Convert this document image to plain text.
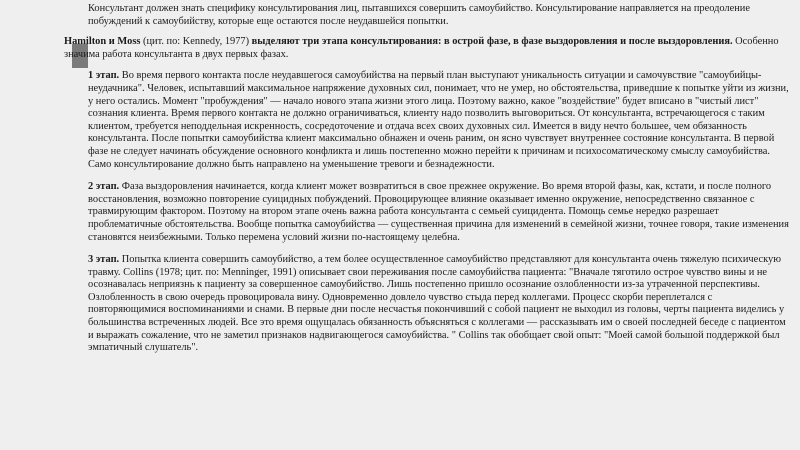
Консультант должен знать специфику консультирования лиц, пытавшихся совершить самоубийство. Консультирование направляется на преодоление побуждений к самоубийству, которые еще остаются после неудавшейся попытки.

Hamilton и Moss (цит. по: Kennedy, 1977) выделяют три этапа консультирования: в острой фазе, в фазе выздоровления и после выздоровления. Особенно значима работа консультанта в двух первых фазах.

1 этап. Во время первого контакта после неудавшегося самоубийства на первый план выступают уникальность ситуации и самочувствие "самоубийцы-неудачника". Человек, испытавший максимальное напряжение духовных сил, понимает, что не умер, но обстоятельства, приведшие к попытке уйти из жизни, у него остались. Момент "пробуждения" — начало нового этапа жизни этого лица. Поэтому важно, какое "воздействие" будет вписано в "чистый лист" сознания клиента. Время первого контакта не должно ограничиваться, клиенту надо позволить выговориться. От консультанта, встречающегося с таким клиентом, требуется неподдельная искренность, сосредоточение и отдача всех своих духовных сил. Имеется в виду нечто большее, чем обязанность консультанта. После попытки самоубийства клиент максимально обнажен и очень раним, он ясно чувствует внутреннее состояние консультанта. В первой фазе не следует начинать обсуждение основного конфликта и лишь постепенно можно перейти к причинам и психосоматическому смыслу самоубийства. Само консультирование должно быть направлено на уменьшение тревоги и безнадежности.

2 этап. Фаза выздоровления начинается, когда клиент может возвратиться в свое прежнее окружение. Во время второй фазы, как, кстати, и после полного восстановления, возможно повторение суицидных побуждений. Провоцирующее влияние оказывает именно окружение, непосредственно связанное с травмирующим фактором. Поэтому на втором этапе очень важна работа консультанта с семьей суицидента. Помощь семье нередко разрешает проблематичные обстоятельства. Вообще попытка самоубийства — существенная причина для изменений в семейной жизни, точнее говоря, такие изменения становятся неизбежными. Только перемена условий жизни по-настоящему целебна.

3 этап. Попытка клиента совершить самоубийство, а тем более осуществленное самоубийство представляют для консультанта очень тяжелую психическую травму. Collins (1978; цит. по: Menninger, 1991) описывает свои переживания после самоубийства пациента: "Вначале тяготило острое чувство вины и не осознавалась неприязнь к пациенту за совершенное самоубийство. Лишь постепенно пришло осознание озлобленности из-за утраченной перспективы. Озлобленность в свою очередь провоцировала вину. Одновременно довлело чувство стыда перед коллегами. Процесс скорби переплетался с повторяющимися воспоминаниями и снами. В первые дни после несчастья покончивший с собой пациент не выходил из головы, черты пациента виделись у большинства встреченных людей. Все это время ощущалась обязанность объясняться с коллегами — рассказывать им о своей последней беседе с пациентом и выражать сожаление, что не заметил признаков надвигающегося самоубийства. " Collins так обобщает свой опыт: "Моей самой большой поддержкой был эмпатичный слушатель".
